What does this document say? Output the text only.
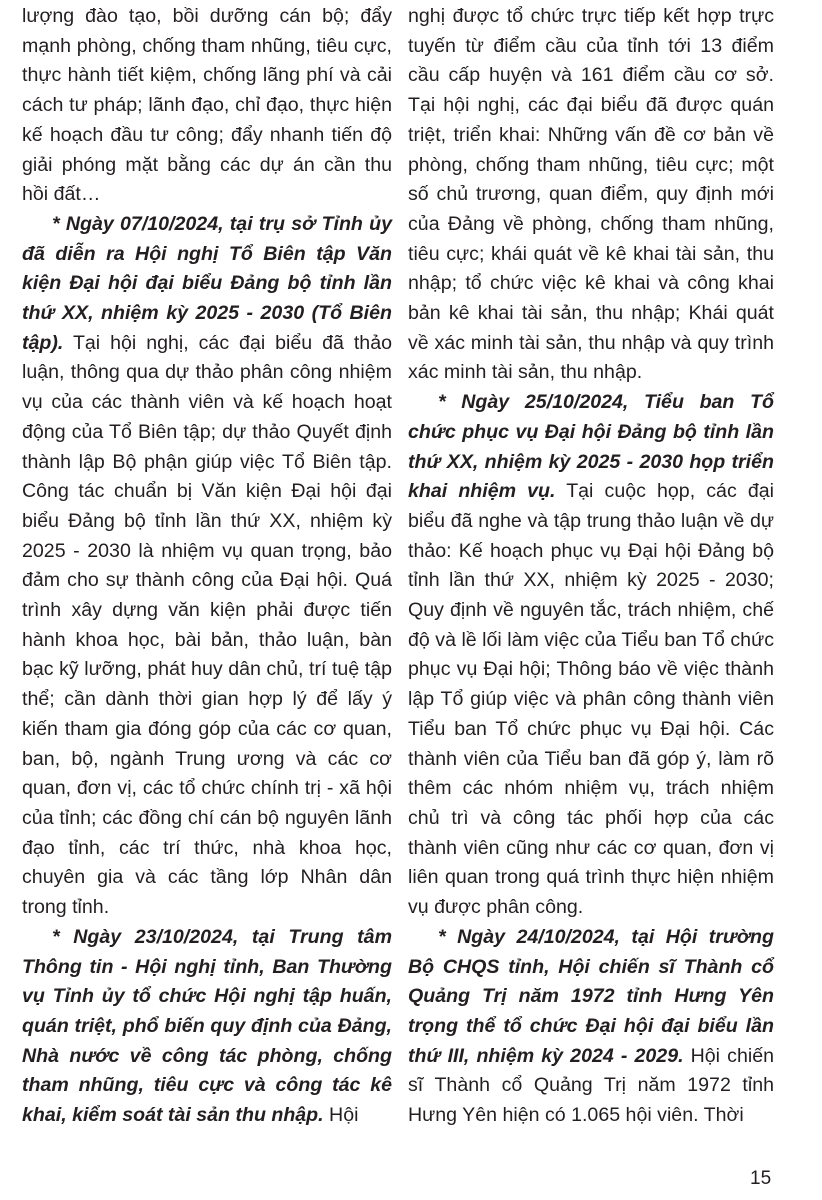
lượng đào tạo, bồi dưỡng cán bộ; đẩy mạnh phòng, chống tham nhũng, tiêu cực, thực hành tiết kiệm, chống lãng phí và cải cách tư pháp; lãnh đạo, chỉ đạo, thực hiện kế hoạch đầu tư công; đẩy nhanh tiến độ giải phóng mặt bằng các dự án cần thu hồi đất…

* Ngày 07/10/2024, tại trụ sở Tỉnh ủy đã diễn ra Hội nghị Tổ Biên tập Văn kiện Đại hội đại biểu Đảng bộ tỉnh lần thứ XX, nhiệm kỳ 2025 - 2030 (Tổ Biên tập). Tại hội nghị, các đại biểu đã thảo luận, thông qua dự thảo phân công nhiệm vụ của các thành viên và kế hoạch hoạt động của Tổ Biên tập; dự thảo Quyết định thành lập Bộ phận giúp việc Tổ Biên tập. Công tác chuẩn bị Văn kiện Đại hội đại biểu Đảng bộ tỉnh lần thứ XX, nhiệm kỳ 2025 - 2030 là nhiệm vụ quan trọng, bảo đảm cho sự thành công của Đại hội. Quá trình xây dựng văn kiện phải được tiến hành khoa học, bài bản, thảo luận, bàn bạc kỹ lưỡng, phát huy dân chủ, trí tuệ tập thể; cần dành thời gian hợp lý để lấy ý kiến tham gia đóng góp của các cơ quan, ban, bộ, ngành Trung ương và các cơ quan, đơn vị, các tổ chức chính trị - xã hội của tỉnh; các đồng chí cán bộ nguyên lãnh đạo tỉnh, các trí thức, nhà khoa học, chuyên gia và các tầng lớp Nhân dân trong tỉnh.

* Ngày 23/10/2024, tại Trung tâm Thông tin - Hội nghị tỉnh, Ban Thường vụ Tỉnh ủy tổ chức Hội nghị tập huấn, quán triệt, phổ biến quy định của Đảng, Nhà nước về công tác phòng, chống tham nhũng, tiêu cực và công tác kê khai, kiểm soát tài sản thu nhập. Hội

nghị được tổ chức trực tiếp kết hợp trực tuyến từ điểm cầu của tỉnh tới 13 điểm cầu cấp huyện và 161 điểm cầu cơ sở. Tại hội nghị, các đại biểu đã được quán triệt, triển khai: Những vấn đề cơ bản về phòng, chống tham nhũng, tiêu cực; một số chủ trương, quan điểm, quy định mới của Đảng về phòng, chống tham nhũng, tiêu cực; khái quát về kê khai tài sản, thu nhập; tổ chức việc kê khai và công khai bản kê khai tài sản, thu nhập; Khái quát về xác minh tài sản, thu nhập và quy trình xác minh tài sản, thu nhập.

* Ngày 25/10/2024, Tiểu ban Tổ chức phục vụ Đại hội Đảng bộ tỉnh lần thứ XX, nhiệm kỳ 2025 - 2030 họp triển khai nhiệm vụ. Tại cuộc họp, các đại biểu đã nghe và tập trung thảo luận về dự thảo: Kế hoạch phục vụ Đại hội Đảng bộ tỉnh lần thứ XX, nhiệm kỳ 2025 - 2030; Quy định về nguyên tắc, trách nhiệm, chế độ và lề lối làm việc của Tiểu ban Tổ chức phục vụ Đại hội; Thông báo về việc thành lập Tổ giúp việc và phân công thành viên Tiểu ban Tổ chức phục vụ Đại hội. Các thành viên của Tiểu ban đã góp ý, làm rõ thêm các nhóm nhiệm vụ, trách nhiệm chủ trì và công tác phối hợp của các thành viên cũng như các cơ quan, đơn vị liên quan trong quá trình thực hiện nhiệm vụ được phân công.

* Ngày 24/10/2024, tại Hội trường Bộ CHQS tỉnh, Hội chiến sĩ Thành cổ Quảng Trị năm 1972 tỉnh Hưng Yên trọng thể tổ chức Đại hội đại biểu lần thứ III, nhiệm kỳ 2024 - 2029. Hội chiến sĩ Thành cổ Quảng Trị năm 1972 tỉnh Hưng Yên hiện có 1.065 hội viên. Thời

15
